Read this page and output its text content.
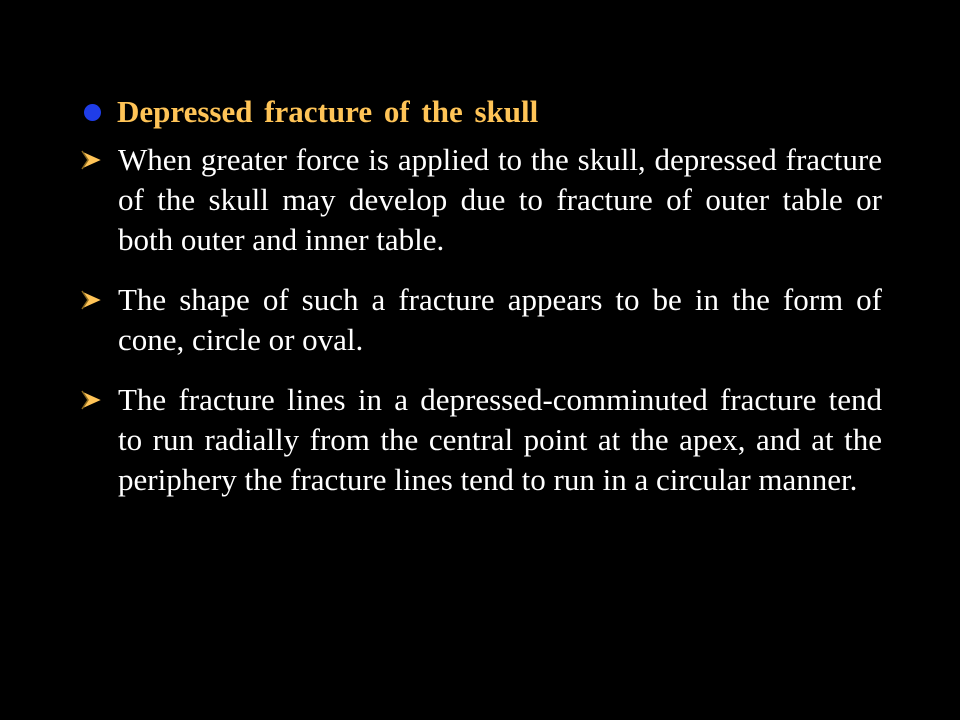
Depressed fracture of the skull
When greater force is applied to the skull, depressed fracture of the skull may develop due to fracture of outer table or both outer and inner table.
The shape of such a fracture appears to be in the form of cone, circle or oval.
The fracture lines in a depressed-comminuted fracture tend to run radially from the central point at the apex, and at the periphery the fracture lines tend to run in a circular manner.
